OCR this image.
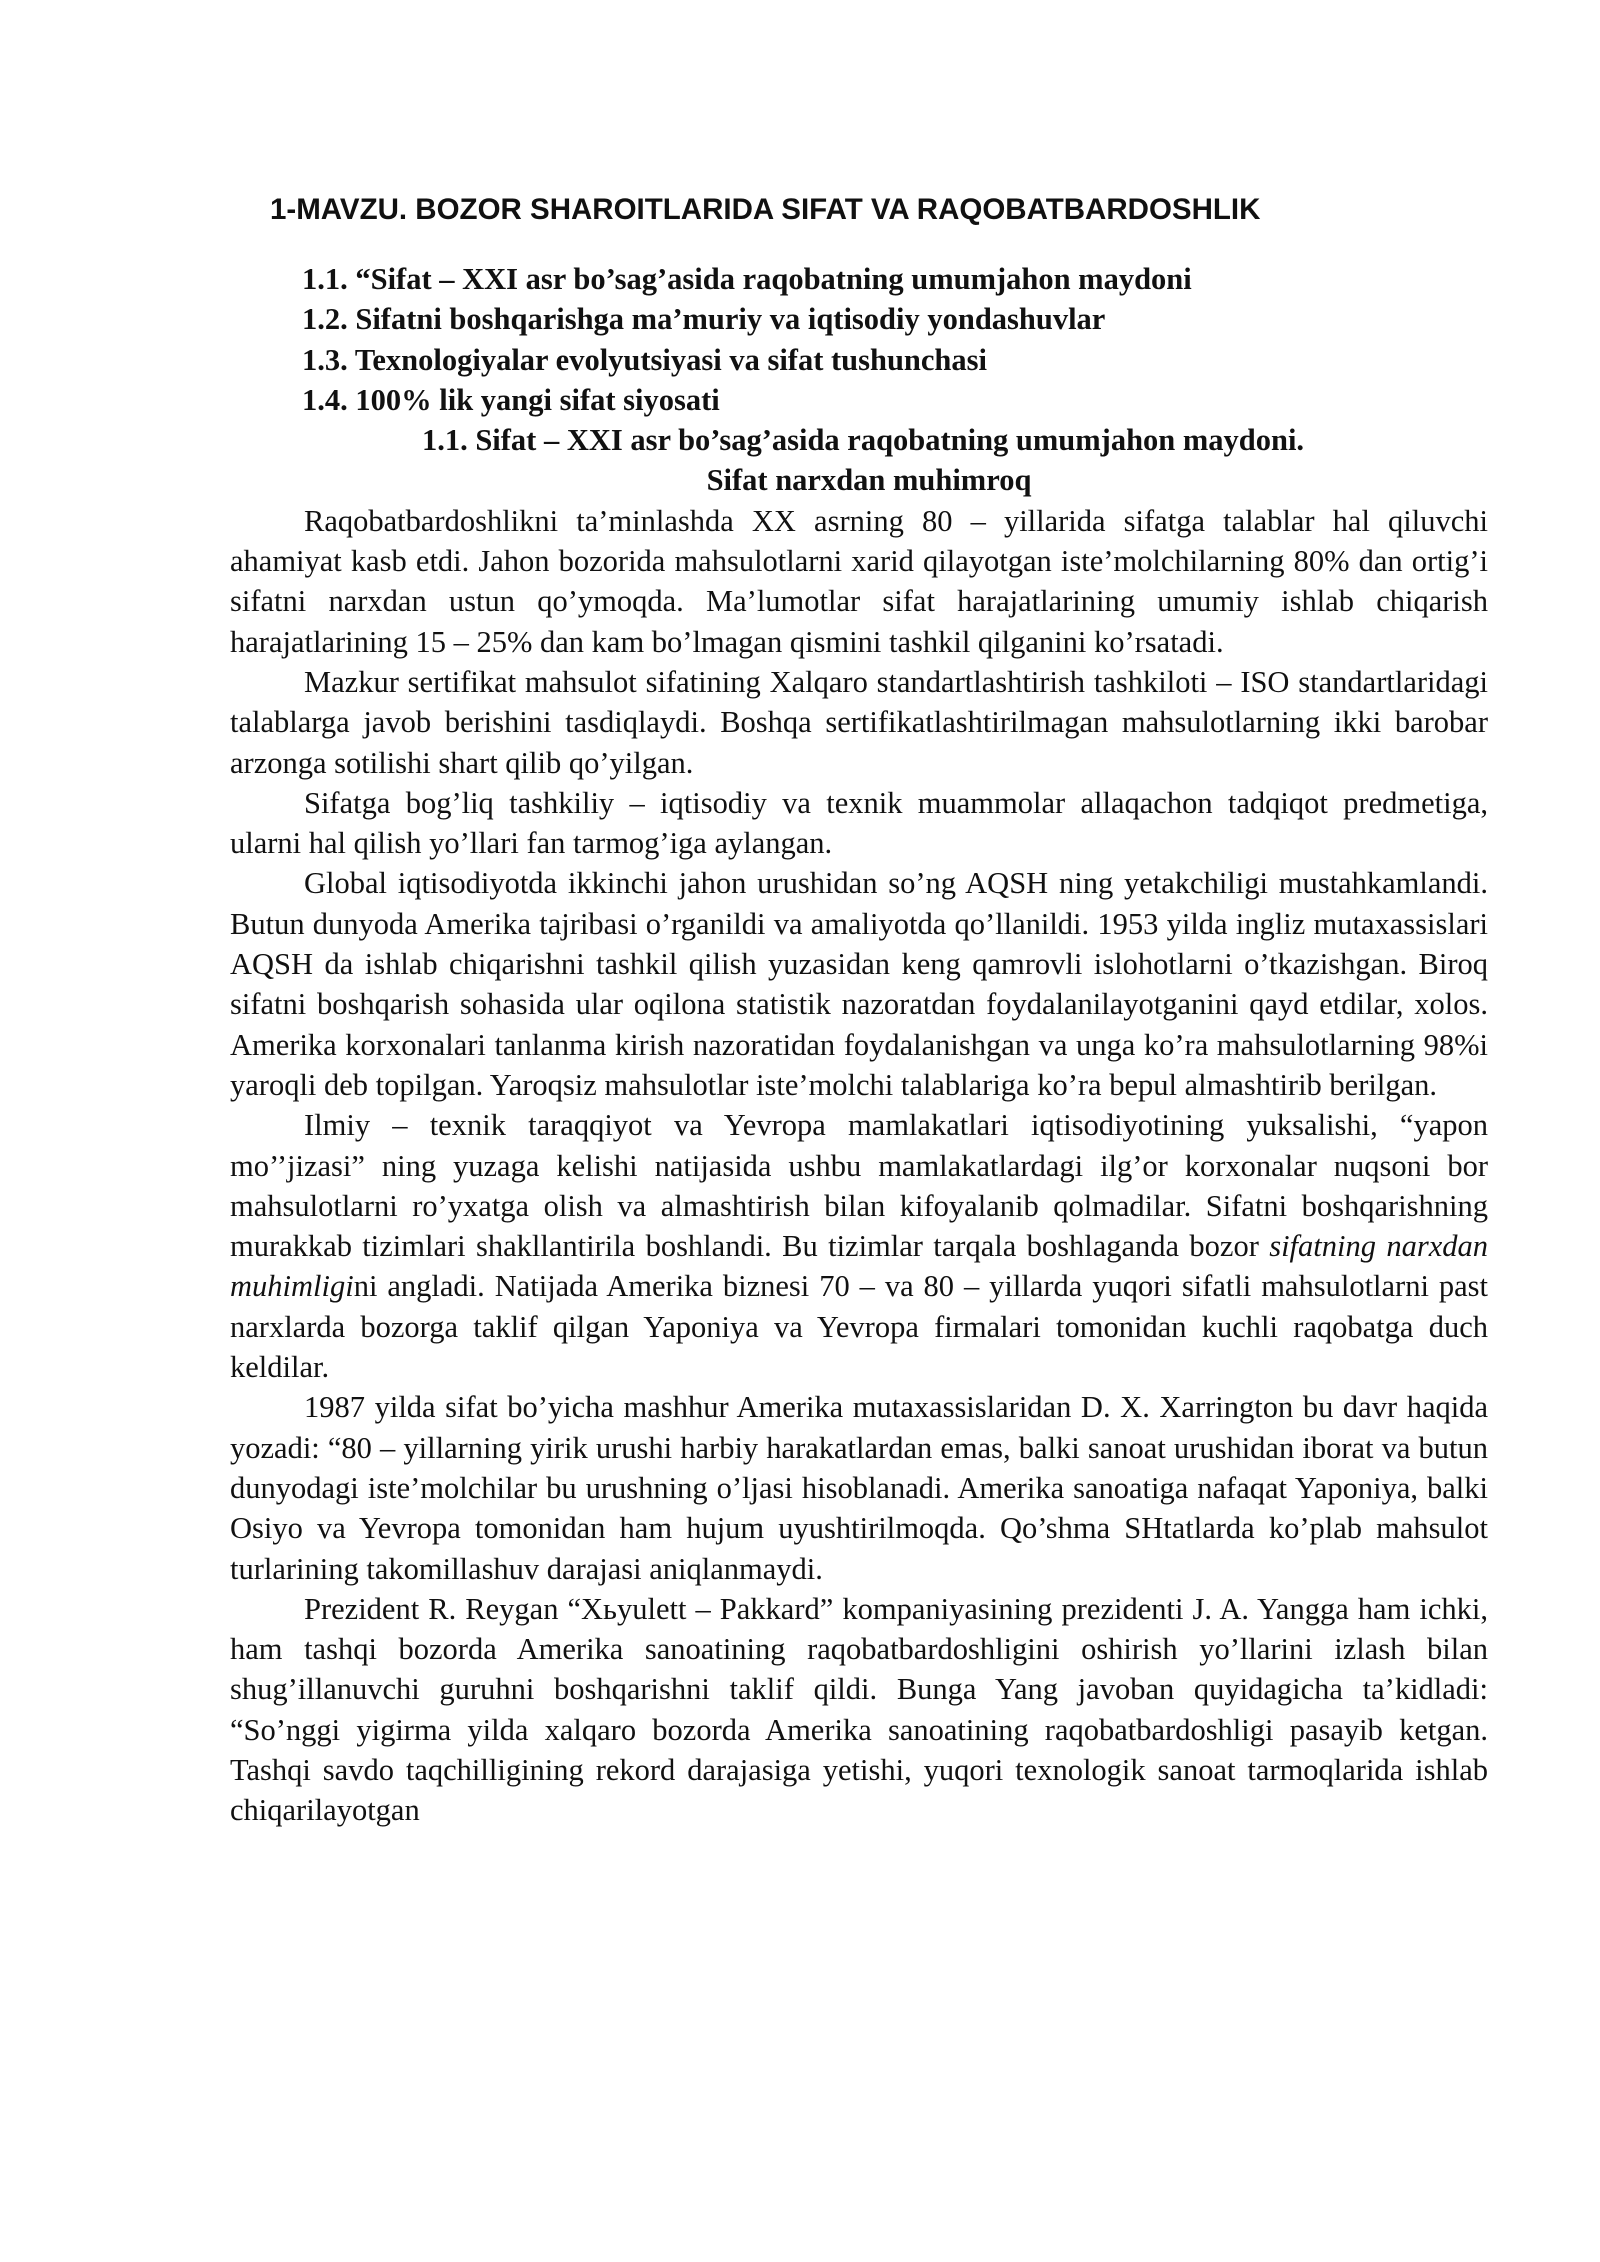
1-MAVZU. BOZOR SHAROITLARIDA SIFAT VA RAQOBATBARDOSHLIK
1.1. “Sifat – XXI asr bo’sag’asida raqobatning umumjahon maydoni
1.2. Sifatni boshqarishga ma’muriy va iqtisodiy yondashuvlar
1.3. Texnologiyalar evolyutsiyasi va sifat tushunchasi
1.4. 100% lik yangi sifat siyosati
1.1. Sifat – XXI asr bo’sag’asida raqobatning umumjahon maydoni.
Sifat narxdan muhimroq

Raqobatbardoshlikni ta’minlashda XX asrning 80 – yillarida sifatga talablar hal qiluvchi ahamiyat kasb etdi. Jahon bozorida mahsulotlarni xarid qilayotgan iste’molchilarning 80% dan ortig’i sifatni narxdan ustun qo’ymoqda. Ma’lumotlar sifat harajatlarining umumiy ishlab chiqarish harajatlarining 15 – 25% dan kam bo’lmagan qismini tashkil qilganini ko’rsatadi.

Mazkur sertifikat mahsulot sifatining Xalqaro standartlashtirish tashkiloti – ISO standartlaridagi talablarga javob berishini tasdiqlaydi. Boshqa sertifikatlashtirilmagan mahsulotlarning ikki barobar arzonga sotilishi shart qilib qo’yilgan.

Sifatga bog’liq tashkiliy – iqtisodiy va texnik muammolar allaqachon tadqiqot predmetiga, ularni hal qilish yo’llari fan tarmog’iga aylangan.

Global iqtisodiyotda ikkinchi jahon urushidan so’ng AQSH ning yetakchiligi mustahkamlandi. Butun dunyoda Amerika tajribasi o’rganildi va amaliyotda qo’llanildi. 1953 yilda ingliz mutaxassislari AQSH da ishlab chiqarishni tashkil qilish yuzasidan keng qamrovli islohotlarni o’tkazishgan. Biroq sifatni boshqarish sohasida ular oqilona statistik nazoratdan foydalanilayotganini qayd etdilar, xolos. Amerika korxonalari tanlanma kirish nazoratidan foydalanishgan va unga ko’ra mahsulotlarning 98%i yaroqli deb topilgan. Yaroqsiz mahsulotlar iste’molchi talablariga ko’ra bepul almashtirib berilgan.

Ilmiy – texnik taraqqiyot va Yevropa mamlakatlari iqtisodiyotining yuksalishi, “yapon mo’’jizasi” ning yuzaga kelishi natijasida ushbu mamlakatlardagi ilg’or korxonalar nuqsoni bor mahsulotlarni ro’yxatga olish va almashtirish bilan kifoyalanib qolmadilar. Sifatni boshqarishning murakkab tizimlari shakllantirila boshlandi. Bu tizimlar tarqala boshlaganda bozor sifatning narxdan muhimligini angladi. Natijada Amerika biznesi 70 – va 80 – yillarda yuqori sifatli mahsulotlarni past narxlarda bozorga taklif qilgan Yaponiya va Yevropa firmalari tomonidan kuchli raqobatga duch keldilar.

1987 yilda sifat bo’yicha mashhur Amerika mutaxassislaridan D. X. Xarrington bu davr haqida yozadi: “80 – yillarning yirik urushi harbiy harakatlardan emas, balki sanoat urushidan iborat va butun dunyodagi iste’molchilar bu urushning o’ljasi hisoblanadi. Amerika sanoatiga nafaqat Yaponiya, balki Osiyo va Yevropa tomonidan ham hujum uyushtirilmoqda. Qo’shma SHtatlarda ko’plab mahsulot turlarining takomillashuv darajasi aniqlanmaydi.

Prezident R. Reygan “Xьyulett – Pakkard” kompaniyasining prezidenti J. A. Yangga ham ichki, ham tashqi bozorda Amerika sanoatining raqobatbardoshligini oshirish yo’llarini izlash bilan shug’illanuvchi guruhni boshqarishni taklif qildi. Bunga Yang javoban quyidagicha ta’kidladi: “So’nggi yigirma yilda xalqaro bozorda Amerika sanoatining raqobatbardoshligi pasayib ketgan. Tashqi savdo taqchilligining rekord darajasiga yetishi, yuqori texnologik sanoat tarmoqlarida ishlab chiqarilayotgan
